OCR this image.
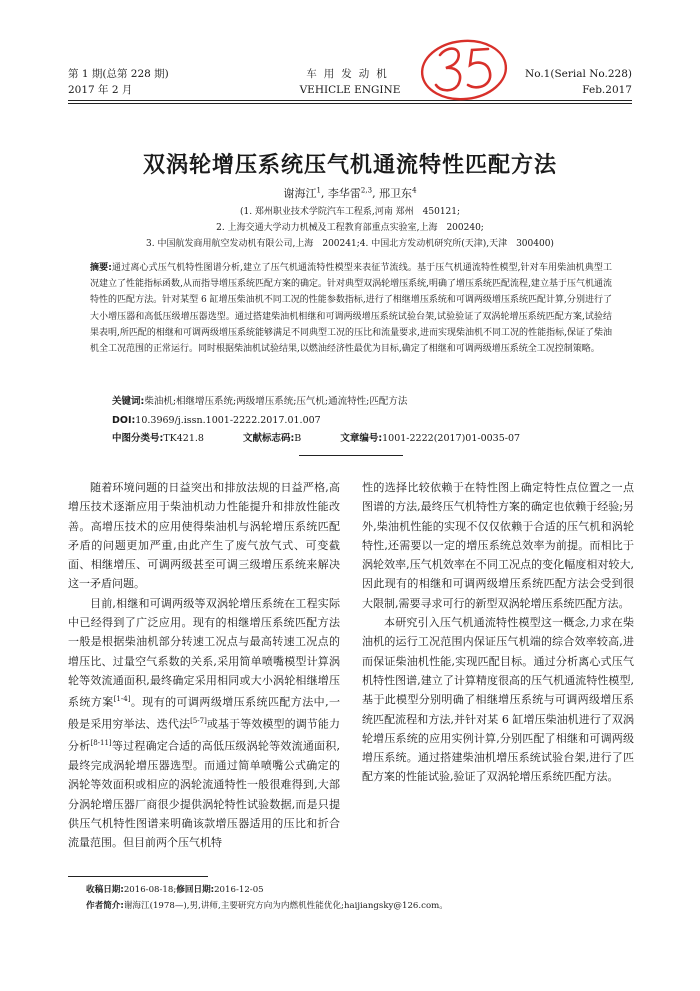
第 1 期(总第 228 期)
2017 年 2 月
车用发动机
VEHICLE ENGINE
No.1(Serial No.228)
Feb.2017
双涡轮增压系统压气机通流特性匹配方法
谢海江$^1$, 李华雷$^{2,3}$, 邢卫东$^4$
(1. 郑州职业技术学院汽车工程系,河南 郑州　450121;
2. 上海交通大学动力机械及工程教育部重点实验室,上海　200240;
3. 中国航发商用航空发动机有限公司,上海　200241;4. 中国北方发动机研究所(天津),天津　300400)
摘要:通过离心式压气机特性图谱分析,建立了压气机通流特性模型来表征节流线。基于压气机通流特性模型,针对车用柴油机典型工况建立了性能指标函数,从而指导增压系统匹配方案的确定。针对典型双涡轮增压系统,明确了增压系统匹配流程,建立基于压气机通流特性的匹配方法。针对某型 6 缸增压柴油机不同工况的性能参数指标,进行了相继增压系统和可调两级增压系统匹配计算,分别进行了大小增压器和高低压级增压器选型。通过搭建柴油机相继和可调两级增压系统试验台架,试验验证了双涡轮增压系统匹配方案,试验结果表明,所匹配的相继和可调两级增压系统能够满足不同典型工况的压比和流量要求,进而实现柴油机不同工况的性能指标,保证了柴油机全工况范围的正常运行。同时根据柴油机试验结果,以燃油经济性最优为目标,确定了相继和可调两级增压系统全工况控制策略。
关键词:柴油机;相继增压系统;两级增压系统;压气机;通流特性;匹配方法
DOI:10.3969/j.issn.1001-2222.2017.01.007
中图分类号:TK421.8	文献标志码:B	文章编号:1001-2222(2017)01-0035-07

随着环境问题的日益突出和排放法规的日益严格,高增压技术逐渐应用于柴油机动力性能提升和排放性能改善。高增压技术的应用使得柴油机与涡轮增压系统匹配矛盾的问题更加严重,由此产生了废气放气式、可变截面、相继增压、可调两级甚至可调三级增压系统来解决这一矛盾问题。

目前,相继和可调两级等双涡轮增压系统在工程实际中已经得到了广泛应用。现有的相继增压系统匹配方法一般是根据柴油机部分转速工况点与最高转速工况点的增压比、过量空气系数的关系,采用简单喷嘴模型计算涡轮等效流通面积,最终确定采用相同或大小涡轮相继增压系统方案[1-4]。现有的可调两级增压系统匹配方法中,一般是采用穷举法、迭代法[5-7]或基于等效模型的调节能力分析[8-11]等过程确定合适的高低压级涡轮等效流通面积,最终完成涡轮增压器选型。而通过简单喷嘴公式确定的涡轮等效面积或相应的涡轮流通特性一般很难得到,大部分涡轮增压器厂商很少提供涡轮特性试验数据,而是只提供压气机特性图谱来明确该款增压器适用的压比和折合流量范围。但目前两个压气机特

性的选择比较依赖于在特性图上确定特性点位置之一点图谱的方法,最终压气机特性方案的确定也依赖于经验;另外,柴油机性能的实现不仅仅依赖于合适的压气机和涡轮特性,还需要以一定的增压系统总效率为前提。而相比于涡轮效率,压气机效率在不同工况点的变化幅度相对较大,因此现有的相继和可调两级增压系统匹配方法会受到很大限制,需要寻求可行的新型双涡轮增压系统匹配方法。

本研究引入压气机通流特性模型这一概念,力求在柴油机的运行工况范围内保证压气机端的综合效率较高,进而保证柴油机性能,实现匹配目标。通过分析离心式压气机特性图谱,建立了计算精度很高的压气机通流特性模型,基于此模型分别明确了相继增压系统与可调两级增压系统匹配流程和方法,并针对某 6 缸增压柴油机进行了双涡轮增压系统的应用实例计算,分别匹配了相继和可调两级增压系统。通过搭建柴油机增压系统试验台架,进行了匹配方案的性能试验,验证了双涡轮增压系统匹配方法。

收稿日期:2016-08-18;修回日期:2016-12-05
作者简介:谢海江(1978—),男,讲师,主要研究方向为内燃机性能优化;haijiangsky@126.com。
